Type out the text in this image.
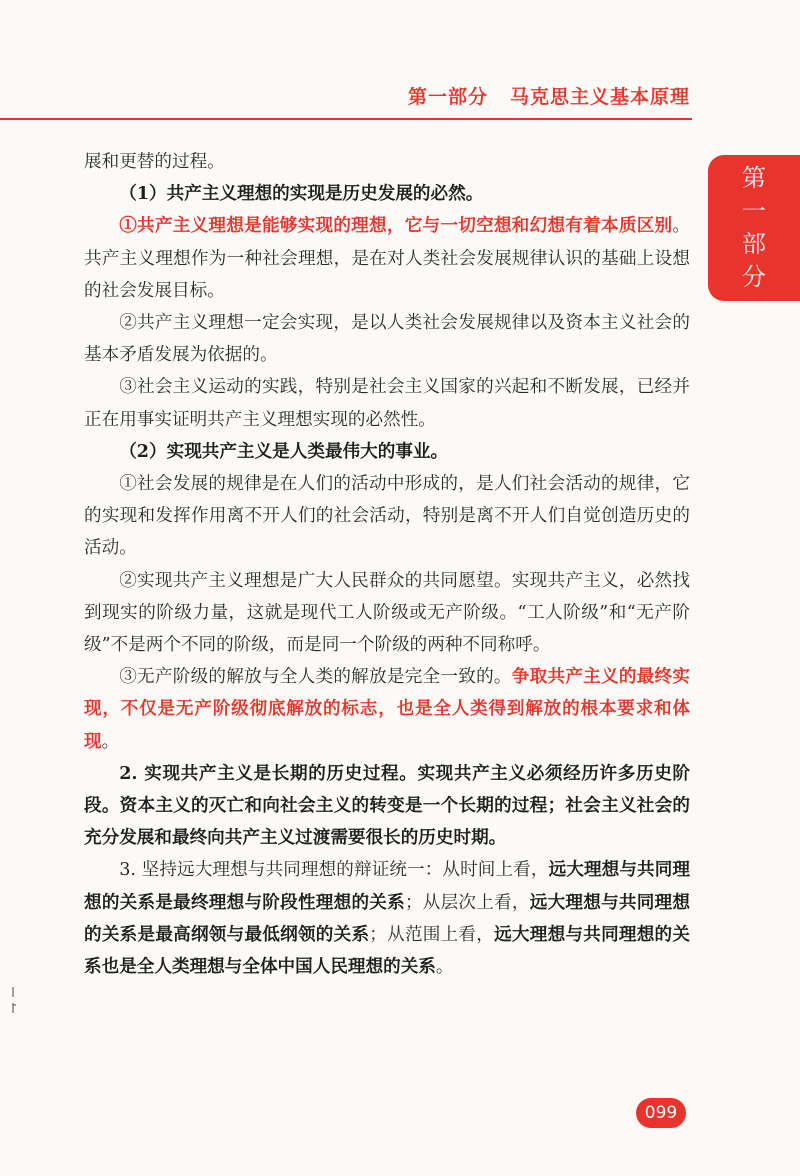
第一部分 马克思主义基本原理
第
一
部
分

展和更替的过程。

（1）共产主义理想的实现是历史发展的必然。

①共产主义理想是能够实现的理想，它与一切空想和幻想有着本质区别。共产主义理想作为一种社会理想，是在对人类社会发展规律认识的基础上设想的社会发展目标。

②共产主义理想一定会实现，是以人类社会发展规律以及资本主义社会的基本矛盾发展为依据的。

③社会主义运动的实践，特别是社会主义国家的兴起和不断发展，已经并正在用事实证明共产主义理想实现的必然性。

（2）实现共产主义是人类最伟大的事业。

①社会发展的规律是在人们的活动中形成的，是人们社会活动的规律，它的实现和发挥作用离不开人们的社会活动，特别是离不开人们自觉创造历史的活动。

②实现共产主义理想是广大人民群众的共同愿望。实现共产主义，必然找到现实的阶级力量，这就是现代工人阶级或无产阶级。“工人阶级”和“无产阶级”不是两个不同的阶级，而是同一个阶级的两种不同称呼。

③无产阶级的解放与全人类的解放是完全一致的。争取共产主义的最终实现，不仅是无产阶级彻底解放的标志，也是全人类得到解放的根本要求和体现。

2. 实现共产主义是长期的历史过程。实现共产主义必须经历许多历史阶段。资本主义的灭亡和向社会主义的转变是一个长期的过程；社会主义社会的充分发展和最终向共产主义过渡需要很长的历史时期。

3. 坚持远大理想与共同理想的辩证统一：从时间上看，远大理想与共同理想的关系是最终理想与阶段性理想的关系；从层次上看，远大理想与共同理想的关系是最高纲领与最低纲领的关系；从范围上看，远大理想与共同理想的关系也是全人类理想与全体中国人民理想的关系。

099
